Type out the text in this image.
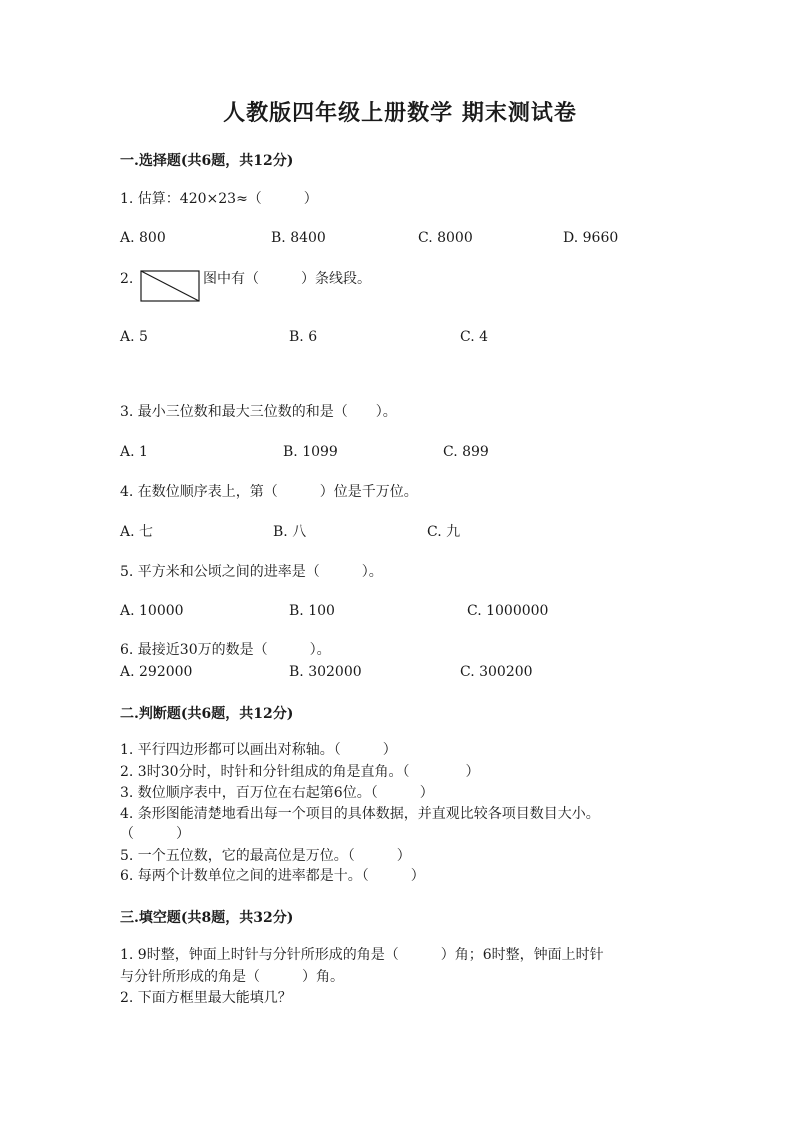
人教版四年级上册数学 期末测试卷
一.选择题(共6题，共12分)
1. 估算：420×23≈（　　　）
A. 800	B. 8400	C. 8000	D. 9660
2.	图中有（　　　）条线段。
A. 5	B. 6	C. 4
3. 最小三位数和最大三位数的和是（　　）。
A. 1	B. 1099	C. 899
4. 在数位顺序表上，第（　　　）位是千万位。
A. 七	B. 八	C. 九
5. 平方米和公顷之间的进率是（　　　）。
A. 10000	B. 100	C. 1000000
6. 最接近30万的数是（　　　）。
A. 292000	B. 302000	C. 300200
二.判断题(共6题，共12分)
1. 平行四边形都可以画出对称轴。（　　　）
2. 3时30分时，时针和分针组成的角是直角。（　　　　）
3. 数位顺序表中，百万位在右起第6位。（　　　）
4. 条形图能清楚地看出每一个项目的具体数据，并直观比较各项目数目大小。
（　　　）
5. 一个五位数，它的最高位是万位。（　　　）
6. 每两个计数单位之间的进率都是十。（　　　）
三.填空题(共8题，共32分)
1. 9时整，钟面上时针与分针所形成的角是（　　　）角；6时整，钟面上时针
与分针所形成的角是（　　　）角。
2. 下面方框里最大能填几？
